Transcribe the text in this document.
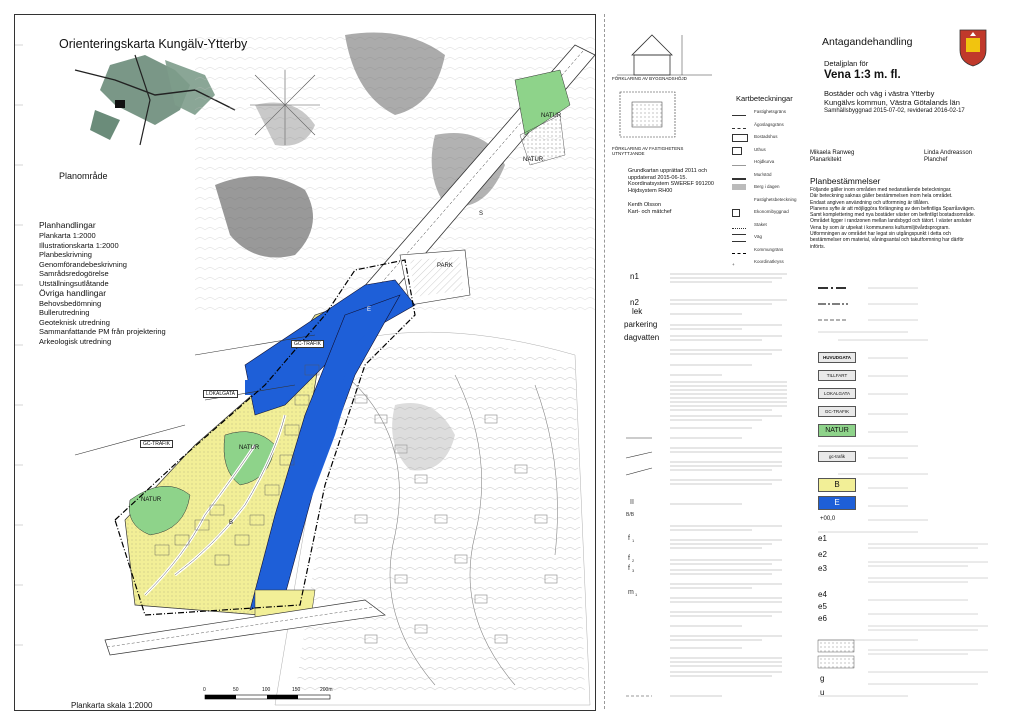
Orienteringskarta Kungälv-Ytterby
Planområde
Planhandlingar
Plankarta 1:2000
Illustrationskarta 1:2000
Planbeskrivning
Genomförandebeskrivning
Samrådsredogörelse
Utställningsutlåtande
Övriga handlingar
Behovsbedömning
Bullerutredning
Geoteknisk utredning
Sammanfattande PM från projektering
Arkeologisk utredning
PARK
NATUR
NATUR
NATUR
NATUR
GC-TRAFIK
GC-TRAFIK
LOKALGATA
E
B
S
Plankarta skala 1:2000
0	50	100	150	200m
FÖRKLARING AV BYGGNADSHÖJD
FÖRKLARING AV FASTIGHETENS UTNYTTJANDE
Grundkartan upprättad 2011 och
uppdaterad 2015-06-15.
Koordinatsystem SWEREF 991200
Höjdsystem RH00
Kenth Olsson
Kart- och mätchef
Kartbeteckningar
Fastighetsgräns
Ägoslagsgräns
Bostadshus
Uthus
Höjdkurva
Mur/stöd
Berg i dagen
Fastighetsbeteckning
Ekonomibyggnad
Staket
Väg
Kommungräns
+
Koordinatkryss
n1
n2
lek
parkering
dagvatten
II
B/B
f 1
f 2
f 3
m 1
Antagandehandling
Detaljplan för
Vena 1:3 m. fl.
Bostäder och väg i västra Ytterby
Kungälvs kommun, Västra Götalands län
Samhällsbyggnad 2015-07-02, reviderad 2016-02-17
Mikaela Ranweg
Planarkitekt
Linda Andreasson
Planchef
Planbestämmelser
Följande gäller inom områden med nedanstående beteckningar.
Där beteckning saknas gäller bestämmelsen inom hela området.
Endast angiven användning och utformning är tillåten.
Planens syfte är att möjliggöra förlängning av den befintliga Sparråsvägen.
Samt komplettering med nya bostäder väster om befintligt bostadsområde.
Området ligger i randzonen mellan landsbygd och tätort. I väster ansluter
Vena by som är utpekat i kommunens kulturmiljövårdsprogram.
Utformningen av området har legat sin utgångspunkt i detta och
bestämmelser om material, våningsantal och takutformning har därför
införts.
HUVUDGATA
TILLFART
LOKALGATA
GC-TRAFIK
NATUR
gc-trafik
B
E
+00,0
e1
e2
e3
e4
e5
e6
g
u
